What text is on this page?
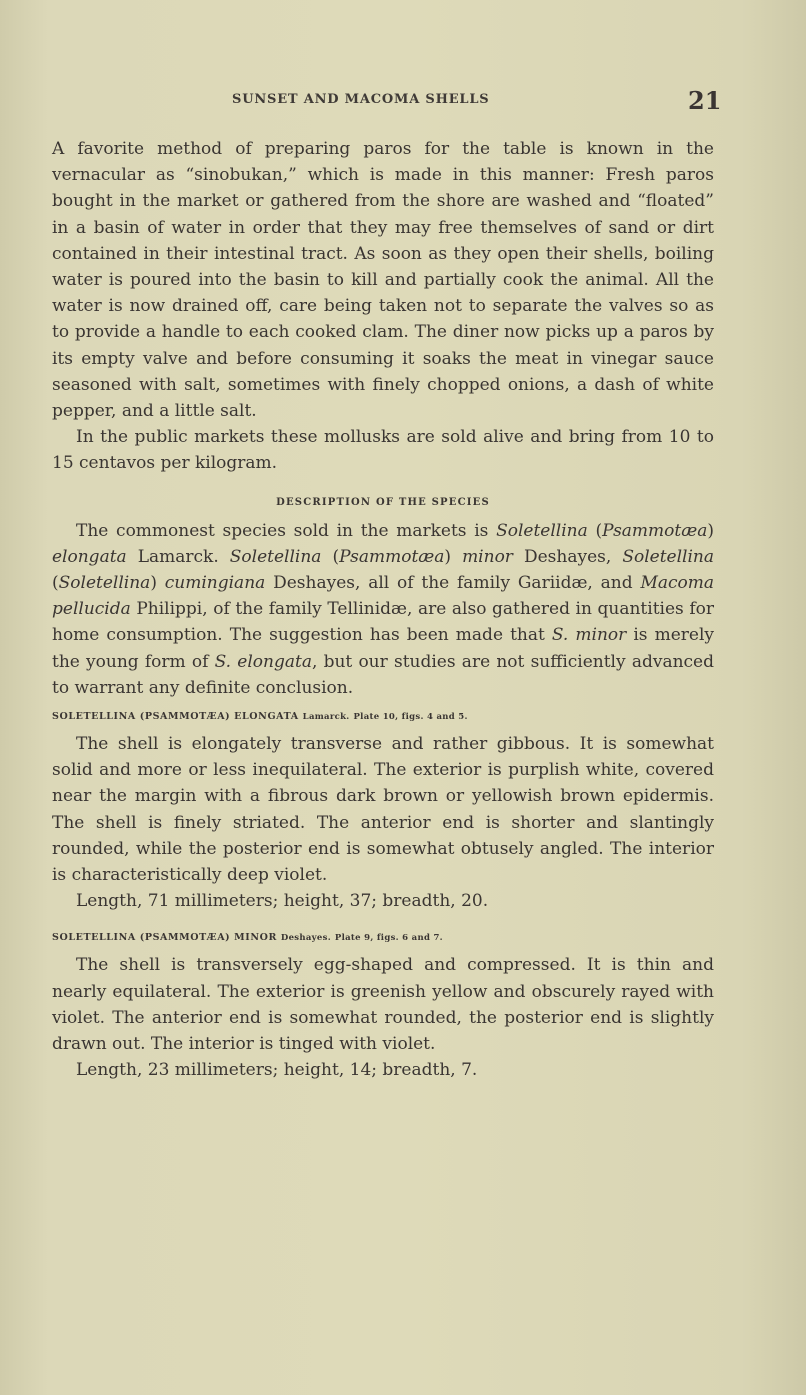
SUNSET AND MACOMA SHELLS	21

A favorite method of preparing paros for the table is known in the vernacular as “sinobukan,” which is made in this manner: Fresh paros bought in the market or gathered from the shore are washed and “floated” in a basin of water in order that they may free themselves of sand or dirt contained in their intestinal tract. As soon as they open their shells, boiling water is poured into the basin to kill and partially cook the animal. All the water is now drained off, care being taken not to separate the valves so as to provide a handle to each cooked clam. The diner now picks up a paros by its empty valve and before consuming it soaks the meat in vinegar sauce seasoned with salt, sometimes with finely chopped onions, a dash of white pepper, and a little salt.

In the public markets these mollusks are sold alive and bring from 10 to 15 centavos per kilogram.

DESCRIPTION OF THE SPECIES

The commonest species sold in the markets is Soletellina (Psammotæa) elongata Lamarck. Soletellina (Psammotæa) minor Deshayes, Soletellina (Soletellina) cumingiana Deshayes, all of the family Gariidæ, and Macoma pellucida Philippi, of the family Tellinidæ, are also gathered in quantities for home consumption. The suggestion has been made that S. minor is merely the young form of S. elongata, but our studies are not sufficiently advanced to warrant any definite conclusion.

SOLETELLINA (PSAMMOTÆA) ELONGATA Lamarck. Plate 10, figs. 4 and 5.

The shell is elongately transverse and rather gibbous. It is somewhat solid and more or less inequilateral. The exterior is purplish white, covered near the margin with a fibrous dark brown or yellowish brown epidermis. The shell is finely striated. The anterior end is shorter and slantingly rounded, while the posterior end is somewhat obtusely angled. The interior is characteristically deep violet.

Length, 71 millimeters; height, 37; breadth, 20.

SOLETELLINA (PSAMMOTÆA) MINOR Deshayes. Plate 9, figs. 6 and 7.

The shell is transversely egg-shaped and compressed. It is thin and nearly equilateral. The exterior is greenish yellow and obscurely rayed with violet. The anterior end is somewhat rounded, the posterior end is slightly drawn out. The interior is tinged with violet.

Length, 23 millimeters; height, 14; breadth, 7.
